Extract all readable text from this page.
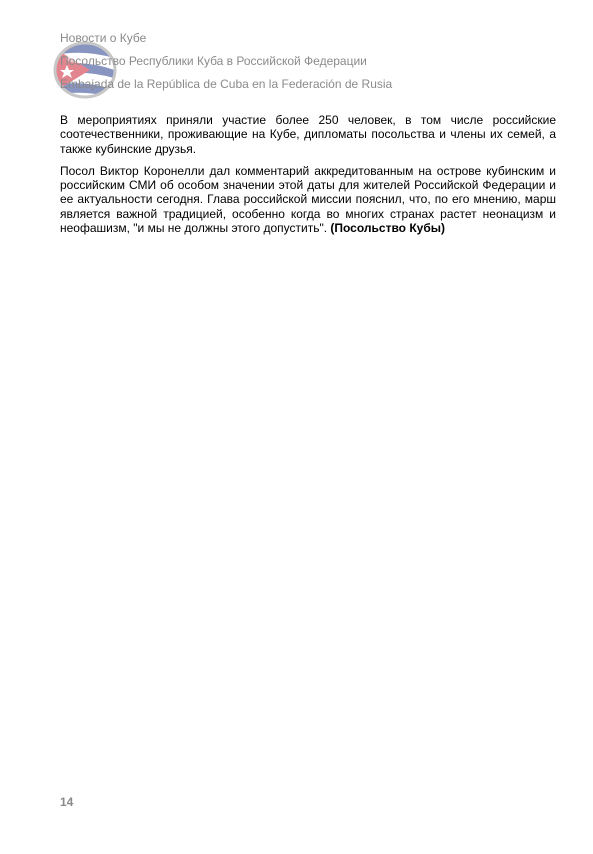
Новости о Кубе
Посольство Республики Куба в Российской Федерации
Embajada de la República de Cuba en la Federación de Rusia

В мероприятиях приняли участие более 250 человек, в том числе российские соотечественники, проживающие на Кубе, дипломаты посольства и члены их семей, а также кубинские друзья.

Посол Виктор Коронелли дал комментарий аккредитованным на острове кубинским и российским СМИ об особом значении этой даты для жителей Российской Федерации и ее актуальности сегодня. Глава российской миссии пояснил, что, по его мнению, марш является важной традицией, особенно когда во многих странах растет неонацизм и неофашизм, "и мы не должны этого допустить". (Посольство Кубы)

14
